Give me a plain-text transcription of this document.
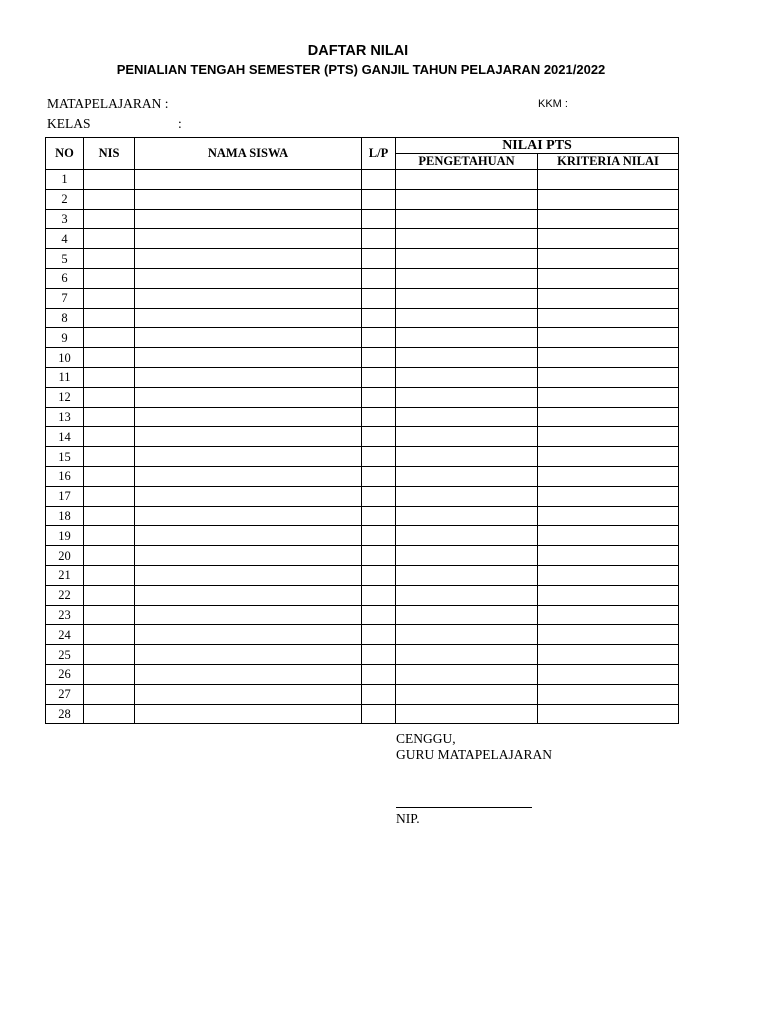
DAFTAR NILAI
PENIALIAN TENGAH SEMESTER (PTS) GANJIL TAHUN PELAJARAN 2021/2022
MATAPELAJARAN :	KKM :
KELAS	:
NO	NIS	NAMA SISWA	L/P	NILAI PTS	
				PENGETAHUAN	KRITERIA NILAI
1					
2					
3					
4					
5					
6					
7					
8					
9					
10					
11					
12					
13					
14					
15					
16					
17					
18					
19					
20					
21					
22					
23					
24					
25					
26					
27					
28					
CENGGU,
GURU MATAPELAJARAN
NIP.
